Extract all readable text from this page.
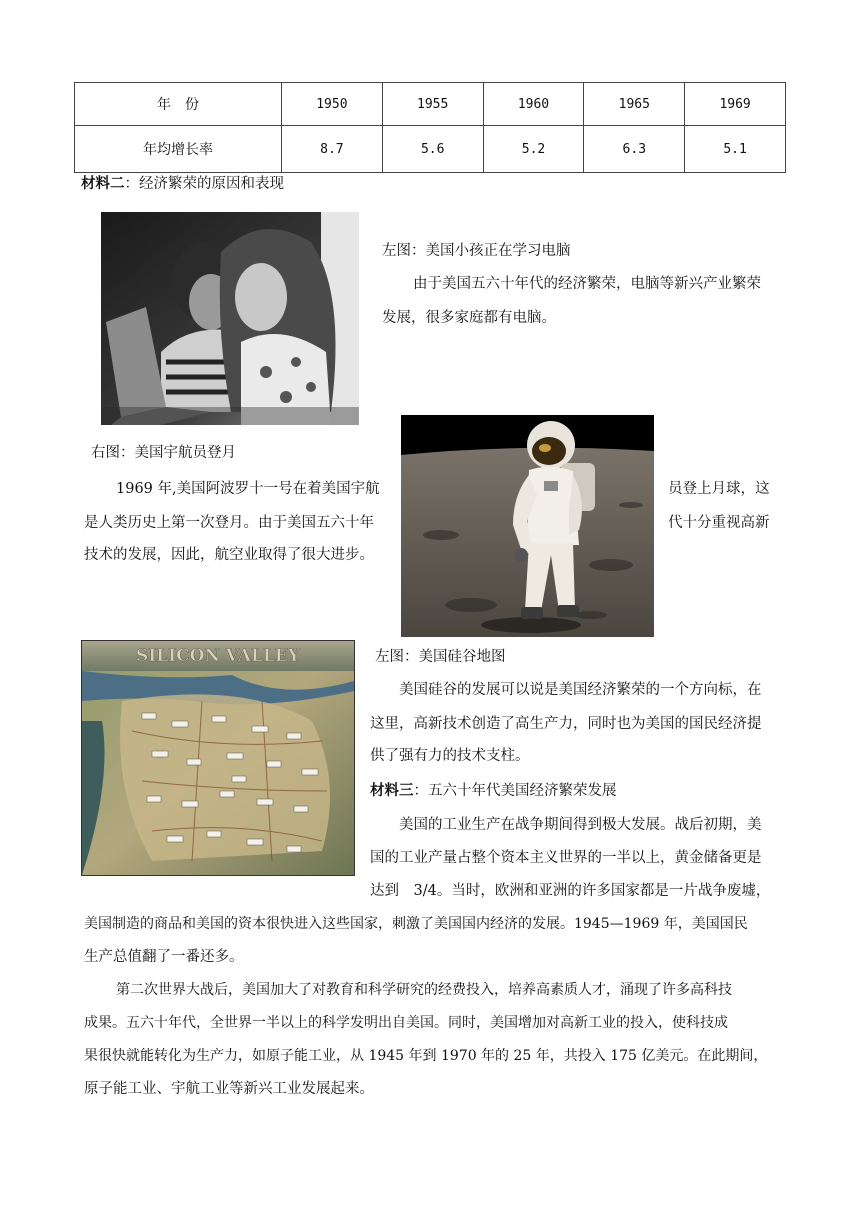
年　份	1950	1955	1960	1965	1969
年均增长率	8.7	5.6	5.2	6.3	5.1
材料二：经济繁荣的原因和表现
左图：美国小孩正在学习电脑
由于美国五六十年代的经济繁荣，电脑等新兴产业繁荣
发展，很多家庭都有电脑。
右图：美国宇航员登月
1969 年,美国阿波罗十一号在着美国宇航
是人类历史上第一次登月。由于美国五六十年
技术的发展，因此，航空业取得了很大进步。
员登上月球，这
代十分重视高新
SILICON VALLEY	左图：美国硅谷地图
美国硅谷的发展可以说是美国经济繁荣的一个方向标，在
这里，高新技术创造了高生产力，同时也为美国的国民经济提
供了强有力的技术支柱。
材料三：五六十年代美国经济繁荣发展
美国的工业生产在战争期间得到极大发展。战后初期，美
国的工业产量占整个资本主义世界的一半以上，黄金储备更是
达到　3/4。当时，欧洲和亚洲的许多国家都是一片战争废墟，
美国制造的商品和美国的资本很快进入这些国家，刺激了美国国内经济的发展。1945—1969 年，美国国民
生产总值翻了一番还多。
第二次世界大战后，美国加大了对教育和科学研究的经费投入，培养高素质人才，涌现了许多高科技
成果。五六十年代，全世界一半以上的科学发明出自美国。同时，美国增加对高新工业的投入，使科技成
果很快就能转化为生产力，如原子能工业，从 1945 年到 1970 年的 25 年，共投入 175 亿美元。在此期间，
原子能工业、宇航工业等新兴工业发展起来。
